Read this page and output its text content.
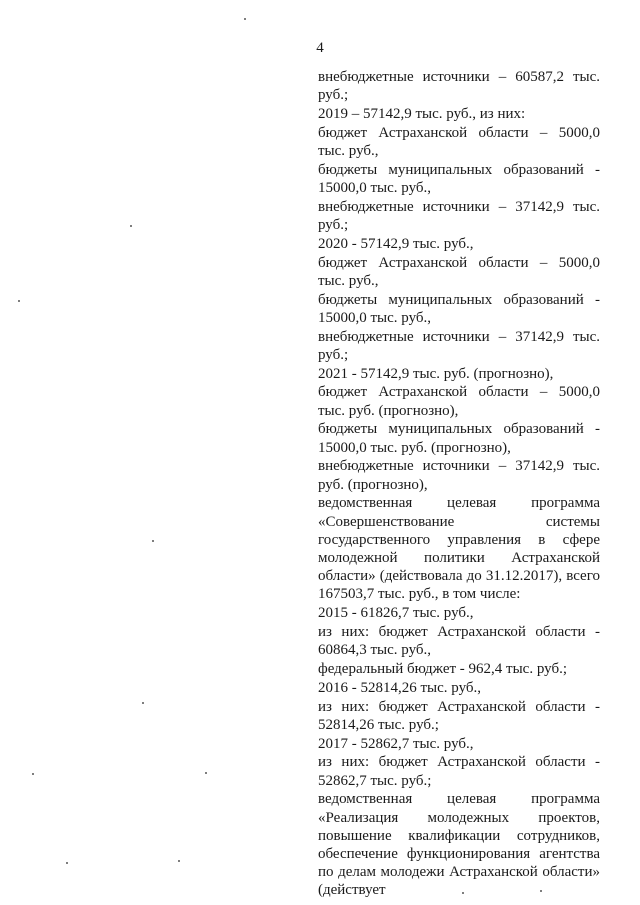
4

внебюджетные источники – 60587,2 тыс. руб.;

2019 – 57142,9 тыс. руб., из них:

бюджет Астраханской области – 5000,0 тыс. руб.,

бюджеты муниципальных образований - 15000,0 тыс. руб.,

внебюджетные источники – 37142,9 тыс. руб.;

2020 - 57142,9 тыс. руб.,

бюджет Астраханской области – 5000,0 тыс. руб.,

бюджеты муниципальных образований - 15000,0 тыс. руб.,

внебюджетные источники – 37142,9 тыс. руб.;

2021 - 57142,9 тыс. руб. (прогнозно),

бюджет Астраханской области – 5000,0 тыс. руб. (прогнозно),

бюджеты муниципальных образований - 15000,0 тыс. руб. (прогнозно),

внебюджетные источники – 37142,9 тыс. руб. (прогнозно),

ведомственная целевая программа «Совершенствование системы государственного управления в сфере молодежной политики Астраханской области» (действовала до 31.12.2017), всего 167503,7 тыс. руб., в том числе:

2015 - 61826,7 тыс. руб.,

из них: бюджет Астраханской области - 60864,3 тыс. руб.,

федеральный бюджет - 962,4 тыс. руб.;

2016 - 52814,26 тыс. руб.,

из них: бюджет Астраханской области - 52814,26 тыс. руб.;

2017 - 52862,7 тыс. руб.,

из них: бюджет Астраханской области - 52862,7 тыс. руб.;

ведомственная целевая программа «Реализация молодежных проектов, повышение квалификации сотрудников, обеспечение функционирования агентства по делам молодежи Астраханской области» (действует
